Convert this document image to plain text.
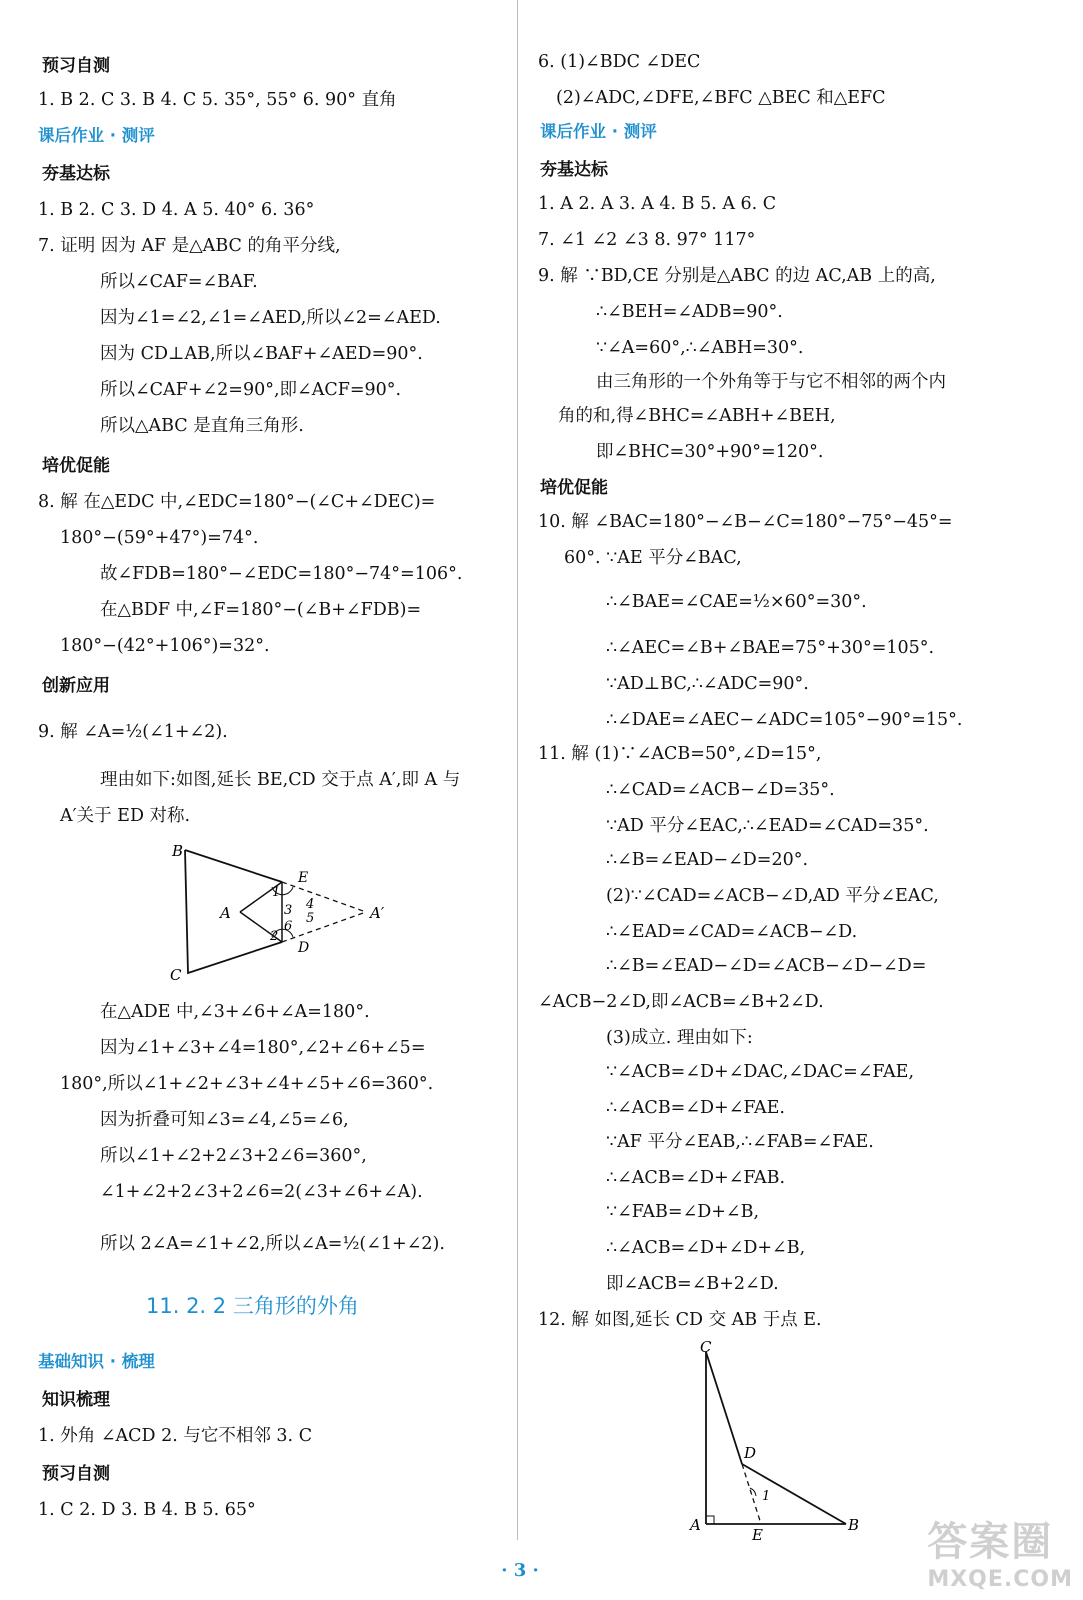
预习自测
1. B 2. C 3. B 4. C 5. 35°, 55° 6. 90° 直角
课后作业 · 测评
夯基达标
1. B 2. C 3. D 4. A 5. 40° 6. 36°
7. 证明 因为 AF 是△ABC 的角平分线,
所以∠CAF=∠BAF.
因为∠1=∠2,∠1=∠AED,所以∠2=∠AED.
因为 CD⊥AB,所以∠BAF+∠AED=90°.
所以∠CAF+∠2=90°,即∠ACF=90°.
所以△ABC 是直角三角形.
培优促能
8. 解 在△EDC 中,∠EDC=180°−(∠C+∠DEC)=
180°−(59°+47°)=74°.
故∠FDB=180°−∠EDC=180°−74°=106°.
在△BDF 中,∠F=180°−(∠B+∠FDB)=
180°−(42°+106°)=32°.
创新应用
9. 解 ∠A=½(∠1+∠2).
理由如下:如图,延长 BE,CD 交于点 A′,即 A 与
A′关于 ED 对称.
在△ADE 中,∠3+∠6+∠A=180°.
因为∠1+∠3+∠4=180°,∠2+∠6+∠5=
180°,所以∠1+∠2+∠3+∠4+∠5+∠6=360°.
因为折叠可知∠3=∠4,∠5=∠6,
所以∠1+∠2+2∠3+2∠6=360°,
∠1+∠2+2∠3+2∠6=2(∠3+∠6+∠A).
所以 2∠A=∠1+∠2,所以∠A=½(∠1+∠2).
11. 2. 2 三角形的外角
基础知识 · 梳理
知识梳理
1. 外角 ∠ACD 2. 与它不相邻 3. C
预习自测
1. C 2. D 3. B 4. B 5. 65°
6. (1)∠BDC ∠DEC
(2)∠ADC,∠DFE,∠BFC △BEC 和△EFC
课后作业 · 测评
夯基达标
1. A 2. A 3. A 4. B 5. A 6. C
7. ∠1 ∠2 ∠3 8. 97° 117°
9. 解 ∵BD,CE 分别是△ABC 的边 AC,AB 上的高,
∴∠BEH=∠ADB=90°.
∵∠A=60°,∴∠ABH=30°.
由三角形的一个外角等于与它不相邻的两个内
角的和,得∠BHC=∠ABH+∠BEH,
即∠BHC=30°+90°=120°.
培优促能
10. 解 ∠BAC=180°−∠B−∠C=180°−75°−45°=
60°. ∵AE 平分∠BAC,
∴∠BAE=∠CAE=½×60°=30°.
∴∠AEC=∠B+∠BAE=75°+30°=105°.
∵AD⊥BC,∴∠ADC=90°.
∴∠DAE=∠AEC−∠ADC=105°−90°=15°.
11. 解 (1)∵∠ACB=50°,∠D=15°,
∴∠CAD=∠ACB−∠D=35°.
∵AD 平分∠EAC,∴∠EAD=∠CAD=35°.
∴∠B=∠EAD−∠D=20°.
(2)∵∠CAD=∠ACB−∠D,AD 平分∠EAC,
∴∠EAD=∠CAD=∠ACB−∠D.
∴∠B=∠EAD−∠D=∠ACB−∠D−∠D=
∠ACB−2∠D,即∠ACB=∠B+2∠D.
(3)成立. 理由如下:
∵∠ACB=∠D+∠DAC,∠DAC=∠FAE,
∴∠ACB=∠D+∠FAE.
∵AF 平分∠EAB,∴∠FAB=∠FAE.
∴∠ACB=∠D+∠FAB.
∵∠FAB=∠D+∠B,
∴∠ACB=∠D+∠D+∠B,
即∠ACB=∠B+2∠D.
12. 解 如图,延长 CD 交 AB 于点 E.
B
C
A	A′
E
D
1
2
3 4
5
6
C
D
A
E
B
1
· 3 ·
答案圈
MXQE.COM
